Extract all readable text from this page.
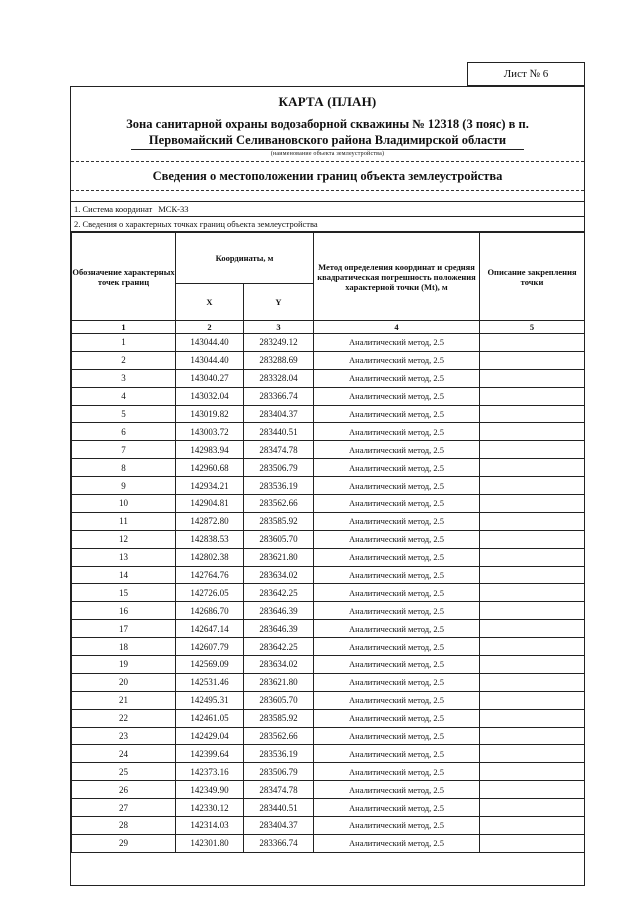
Лист № 6
КАРТА (ПЛАН)
Зона санитарной охраны водозаборной скважины № 12318 (3 пояс) в п.
Первомайский Селивановского района Владимирской области
(наименование объекта землеустройства)
Сведения о местоположении границ объекта землеустройства
1. Система координат МСК-33
2. Сведения о характерных точках границ объекта землеустройства
Обозначение характерных точек границ	Координаты, м		Метод определения координат и средняя квадратическая погрешность положения характерной точки (Mt), м	Описание закрепления точки
	X	Y		
1	2	3	4	5
1	143044.40	283249.12	Аналитический метод, 2.5	
2	143044.40	283288.69	Аналитический метод, 2.5	
3	143040.27	283328.04	Аналитический метод, 2.5	
4	143032.04	283366.74	Аналитический метод, 2.5	
5	143019.82	283404.37	Аналитический метод, 2.5	
6	143003.72	283440.51	Аналитический метод, 2.5	
7	142983.94	283474.78	Аналитический метод, 2.5	
8	142960.68	283506.79	Аналитический метод, 2.5	
9	142934.21	283536.19	Аналитический метод, 2.5	
10	142904.81	283562.66	Аналитический метод, 2.5	
11	142872.80	283585.92	Аналитический метод, 2.5	
12	142838.53	283605.70	Аналитический метод, 2.5	
13	142802.38	283621.80	Аналитический метод, 2.5	
14	142764.76	283634.02	Аналитический метод, 2.5	
15	142726.05	283642.25	Аналитический метод, 2.5	
16	142686.70	283646.39	Аналитический метод, 2.5	
17	142647.14	283646.39	Аналитический метод, 2.5	
18	142607.79	283642.25	Аналитический метод, 2.5	
19	142569.09	283634.02	Аналитический метод, 2.5	
20	142531.46	283621.80	Аналитический метод, 2.5	
21	142495.31	283605.70	Аналитический метод, 2.5	
22	142461.05	283585.92	Аналитический метод, 2.5	
23	142429.04	283562.66	Аналитический метод, 2.5	
24	142399.64	283536.19	Аналитический метод, 2.5	
25	142373.16	283506.79	Аналитический метод, 2.5	
26	142349.90	283474.78	Аналитический метод, 2.5	
27	142330.12	283440.51	Аналитический метод, 2.5	
28	142314.03	283404.37	Аналитический метод, 2.5	
29	142301.80	283366.74	Аналитический метод, 2.5	
